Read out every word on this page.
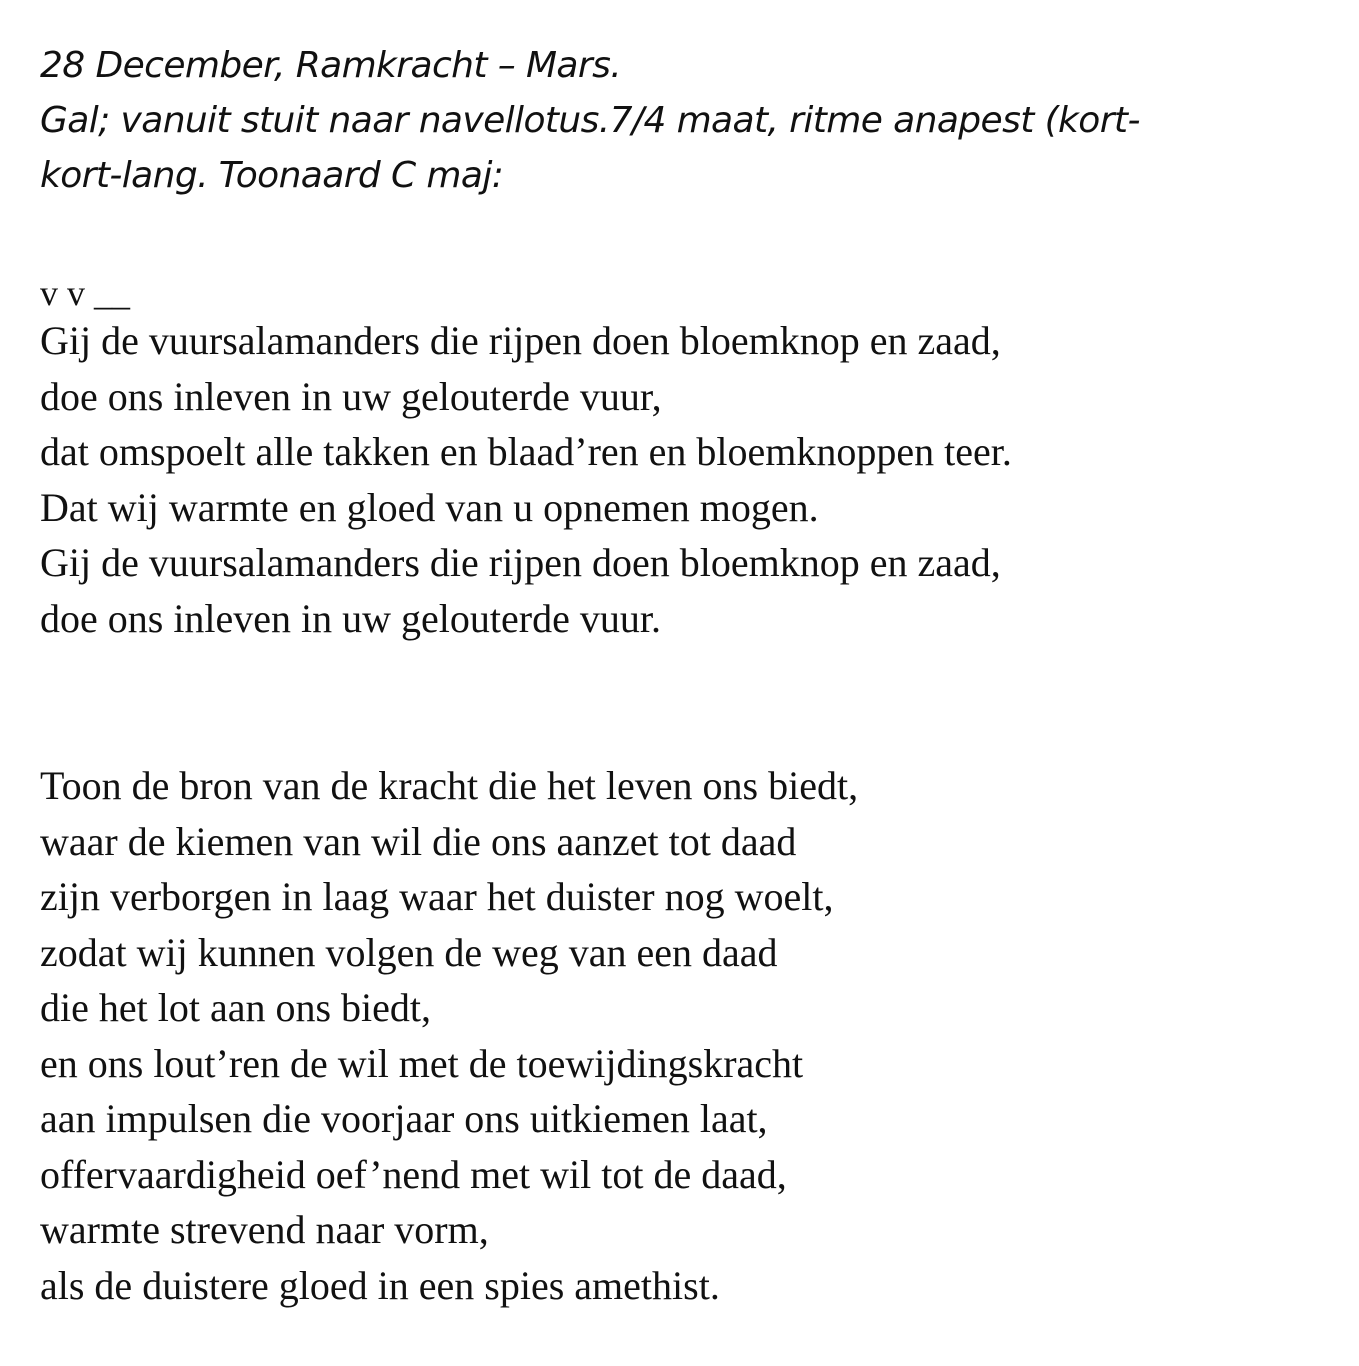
28 December, Ramkracht – Mars.
Gal; vanuit stuit naar navellotus.7/4 maat, ritme anapest (kort-
kort-lang. Toonaard C maj:
v v __
Gij de vuursalamanders die rijpen doen bloemknop en zaad,
doe ons inleven in uw gelouterde vuur,
dat omspoelt alle takken en blaad’ren en bloemknoppen teer.
Dat wij warmte en gloed van u opnemen mogen.
Gij de vuursalamanders die rijpen doen bloemknop en zaad,
doe ons inleven in uw gelouterde vuur.
Toon de bron van de kracht die het leven ons biedt,
waar de kiemen van wil die ons aanzet tot daad
zijn verborgen in laag waar het duister nog woelt,
zodat wij kunnen volgen de weg van een daad
die het lot aan ons biedt,
en ons lout’ren de wil met de toewijdingskracht
aan impulsen die voorjaar ons uitkiemen laat,
offervaardigheid oef’nend met wil tot de daad,
warmte strevend naar vorm,
als de duistere gloed in een spies amethist.
